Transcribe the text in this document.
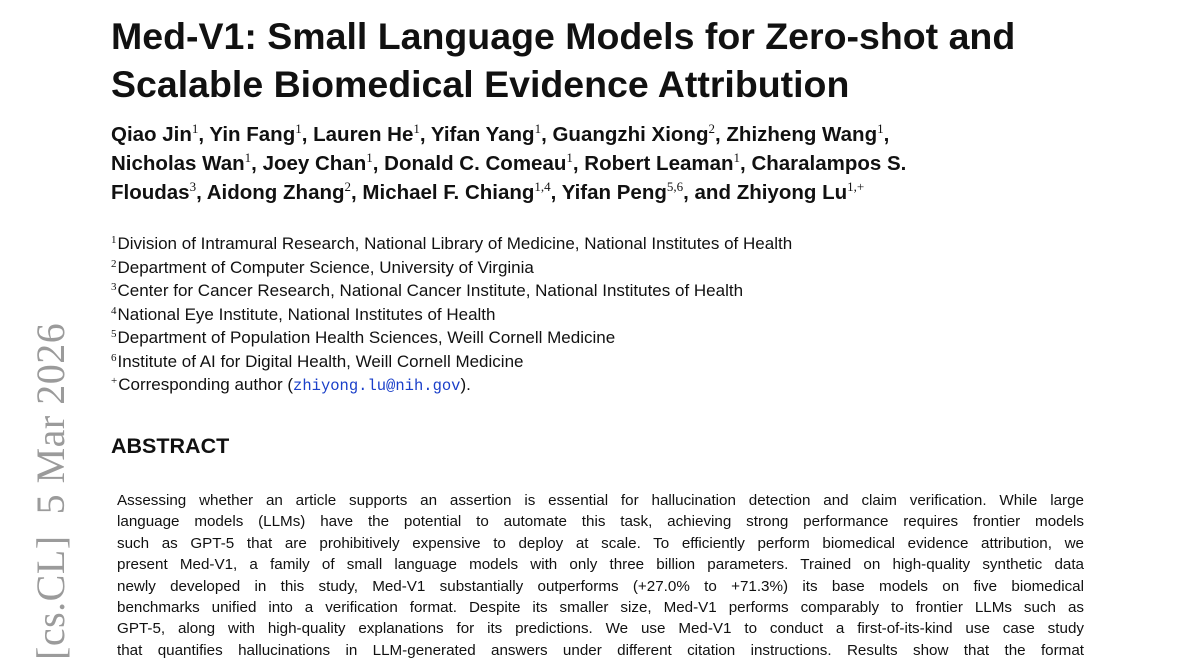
[cs.CL]  5 Mar 2026
Med-V1: Small Language Models for Zero-shot and
Scalable Biomedical Evidence Attribution
Qiao Jin$^1$, Yin Fang$^1$, Lauren He$^1$, Yifan Yang$^1$, Guangzhi Xiong$^2$, Zhizheng Wang$^1$,
Nicholas Wan$^1$, Joey Chan$^1$, Donald C. Comeau$^1$, Robert Leaman$^1$, Charalampos S.
Floudas$^3$, Aidong Zhang$^2$, Michael F. Chiang$^{1,4}$, Yifan Peng$^{5,6}$, and Zhiyong $Lu^{1,+}$
$^1$Division of Intramural Research, National Library of Medicine, National Institutes of Health
$^2$Department of Computer Science, University of Virginia
$^3$Center for Cancer Research, National Cancer Institute, National Institutes of Health
$^4$National Eye Institute, National Institutes of Health
$^5$Department of Population Health Sciences, Weill Cornell Medicine
$^6$Institute of AI for Digital Health, Weill Cornell Medicine
+Corresponding author (zhiyong.lu@nih.gov).
ABSTRACT
Assessing whether an article supports an assertion is essential for hallucination detection and claim verification. While large
language models (LLMs) have the potential to automate this task, achieving strong performance requires frontier models
such as GPT-5 that are prohibitively expensive to deploy at scale. To efficiently perform biomedical evidence attribution, we
present Med-V1, a family of small language models with only three billion parameters. Trained on high-quality synthetic data
newly developed in this study, Med-V1 substantially outperforms (+27.0% to +71.3%) its base models on five biomedical
benchmarks unified into a verification format. Despite its smaller size, Med-V1 performs comparably to frontier LLMs such as
GPT-5, along with high-quality explanations for its predictions. We use Med-V1 to conduct a first-of-its-kind use case study
that quantifies hallucinations in LLM-generated answers under different citation instructions. Results show that the format
